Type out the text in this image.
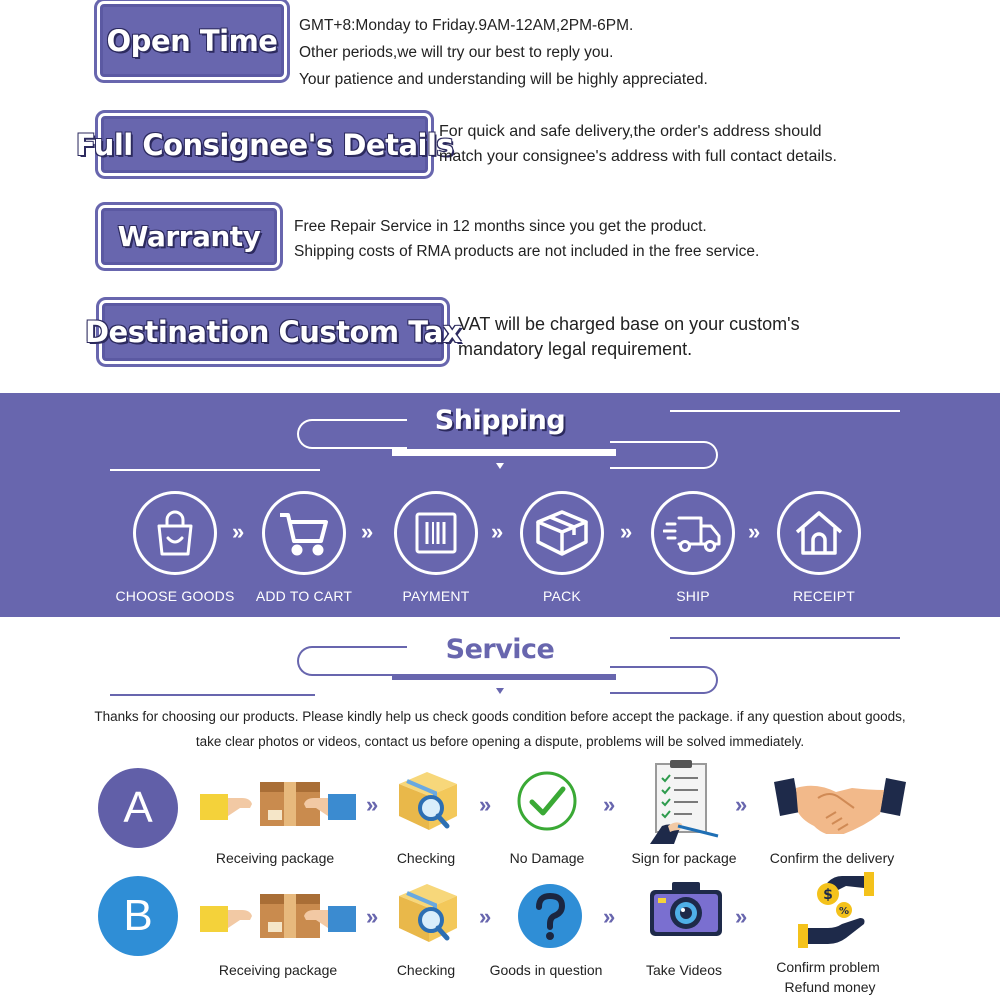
Open Time GMT+8:Monday to Friday.9AM-12AM,2PM-6PM.
Other periods,we will try our best to reply you.
Your patience and understanding will be highly appreciated.
Full Consignee's Details
For quick and safe delivery,the order's address should
match your consignee's address with full contact details.
Warranty Free Repair Service in 12 months since you get the product.
Shipping costs of RMA products are not included in the free service.
Destination Custom Tax
VAT will be charged base on your custom's
mandatory legal requirement.
Shipping
CHOOSE GOODS	ADD TO CART	PAYMENT	PACK	SHIP	RECEIPT
»	»	»	»	»
Service
Thanks for choosing our products. Please kindly help us check goods condition before accept the package. if any question about goods,
take clear photos or videos, contact us before opening a dispute, problems will be solved immediately.
A
Receiving package	Checking	No Damage	Sign for package	Confirm the delivery
»	»	»	»
B
Receiving package	Checking	Goods in question	Take Videos
$
%
Confirm problem
Refund money
»	»	»	»
